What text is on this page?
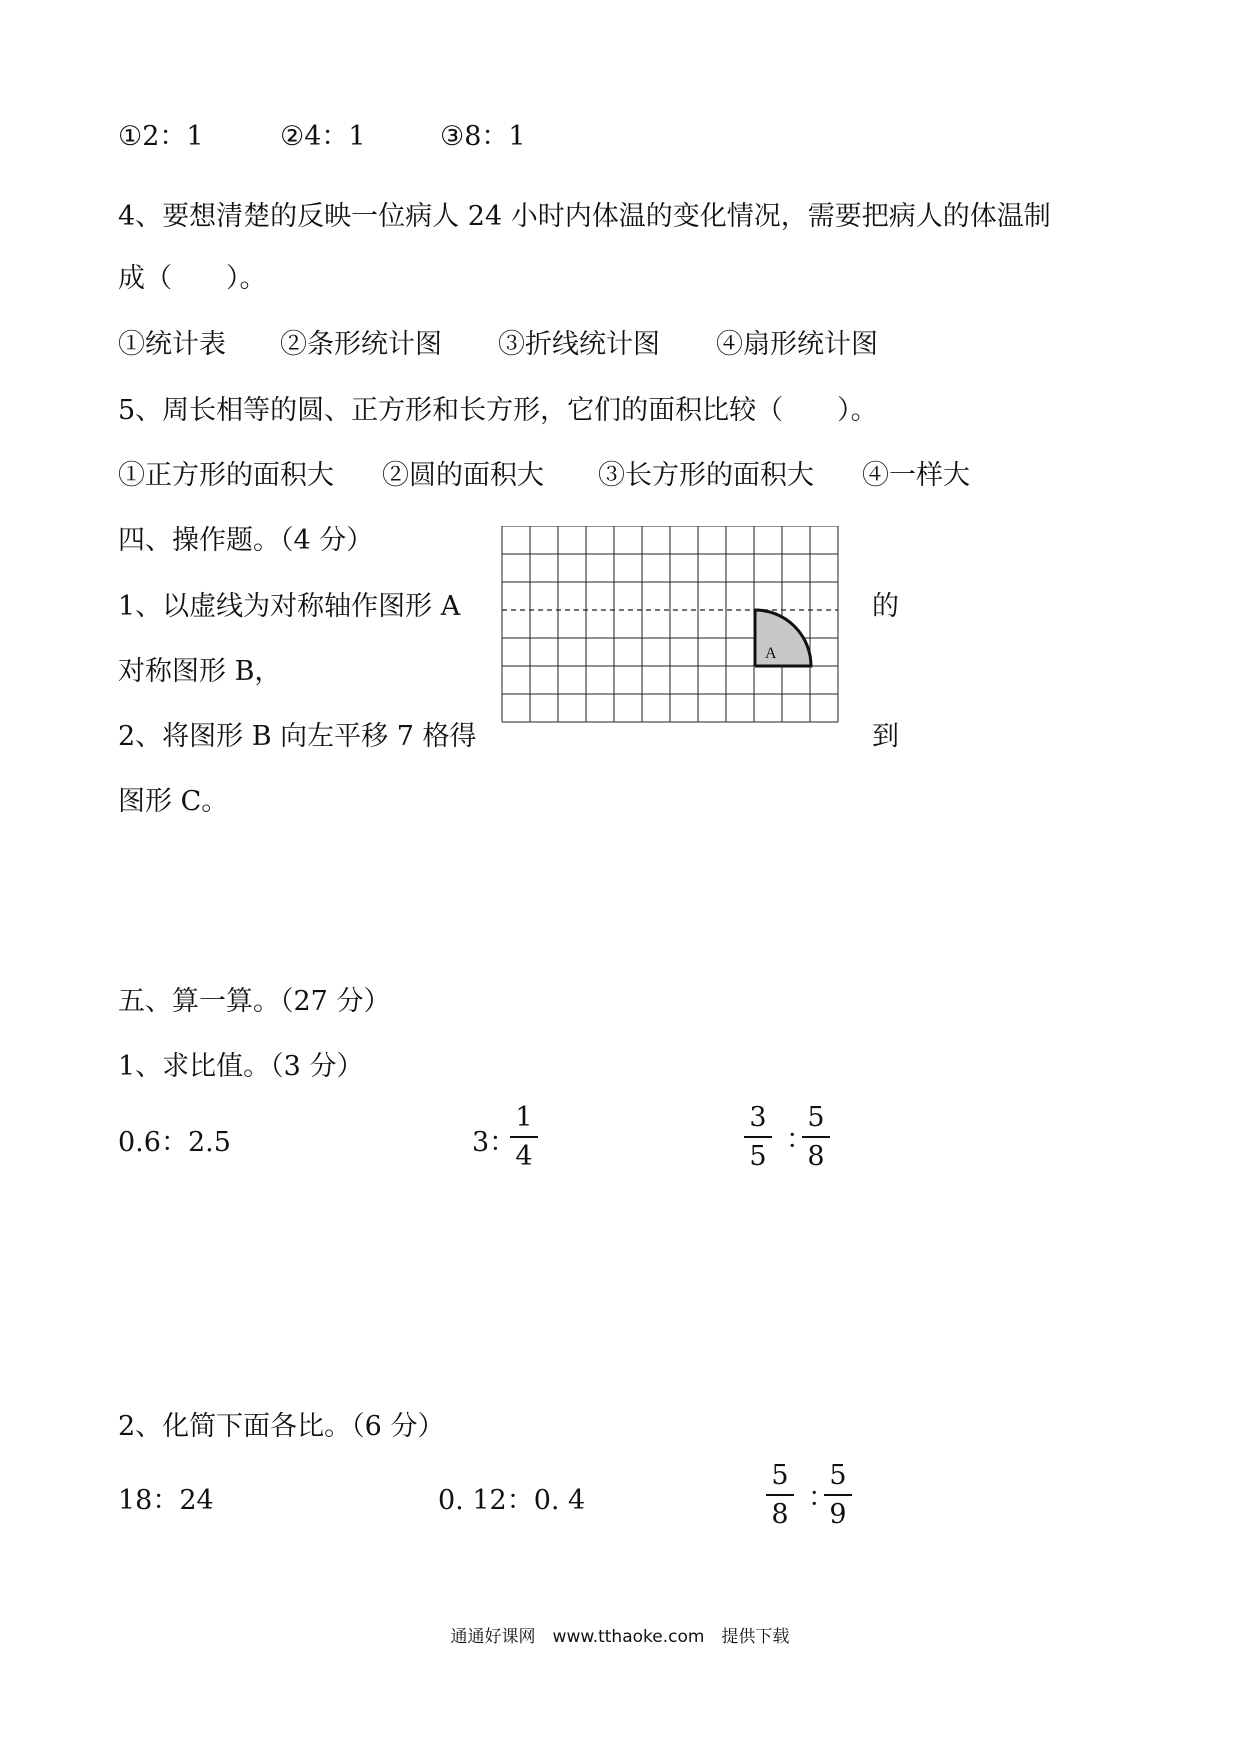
①2：1	②4：1	③8：1
4、要想清楚的反映一位病人 24 小时内体温的变化情况，需要把病人的体温制
成（　　）。
①统计表 ②条形统计图 ③折线统计图 ④扇形统计图
5、周长相等的圆、正方形和长方形，它们的面积比较（　　）。
①正方形的面积大 ②圆的面积大 ③长方形的面积大 ④一样大
四、操作题。（4 分）
1、以虚线为对称轴作图形 A	的
对称图形 B，
2、将图形 B 向左平移 7 格得	到
图形 C。
A
五、算一算。（27 分）
1、求比值。（3 分）
0.6：2.5	3：
1
4
3
5
：
5
8
2、化简下面各比。（6 分）
18：24	0. 12：0. 4
5
8
：
5
9
通通好课网　www.tthaoke.com　提供下载
